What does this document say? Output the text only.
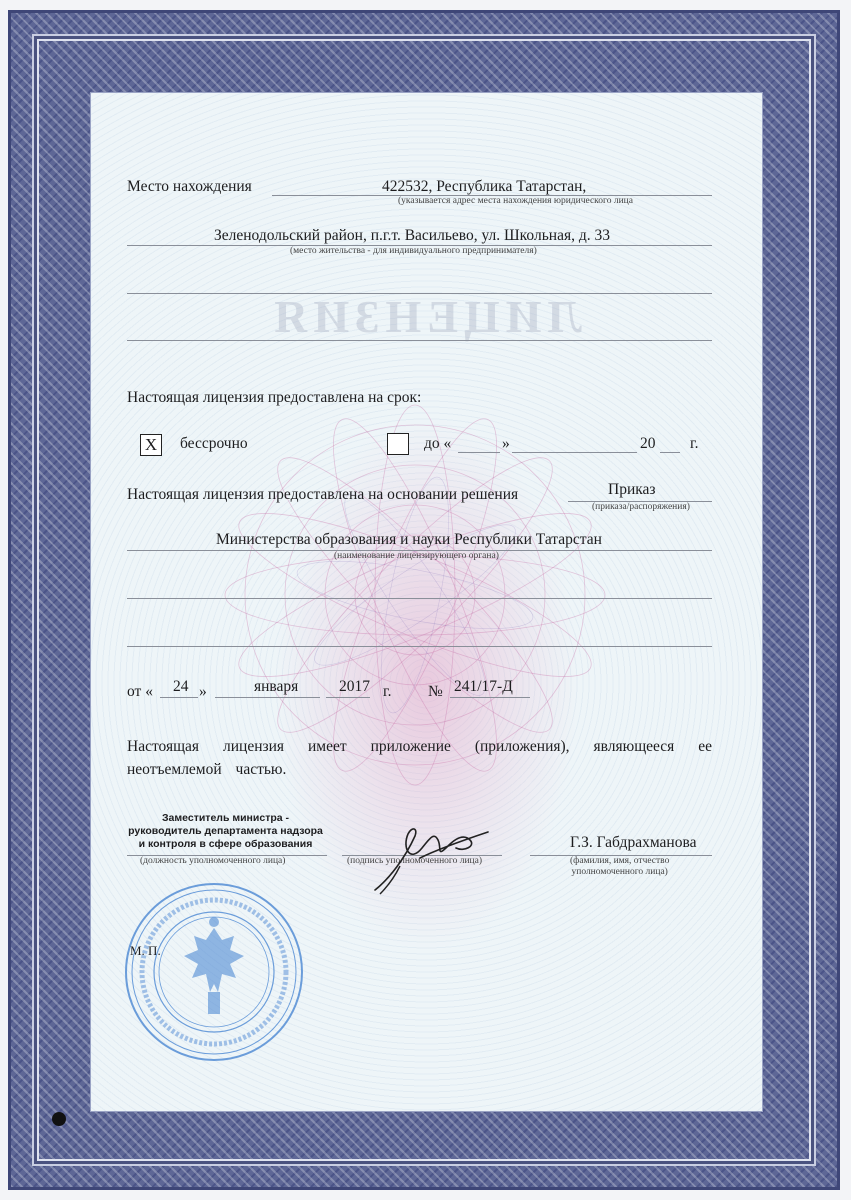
ЛИЦЕНЗИЯ
Место нахождения	422532, Республика Татарстан,
(указывается адрес места нахождения юридического лица
Зеленодольский район, п.г.т. Васильево, ул. Школьная, д. 33
(место жительства - для индивидуального предпринимателя)
Настоящая лицензия предоставлена на срок:
X	бессрочно	до «	»	20 г.
Настоящая лицензия предоставлена на основании решения	Приказ
(приказа/распоряжения)
Министерства образования и науки Республики Татарстан
(наименование лицензирующего органа)
от « 24 »	января	2017 г. № 241/17-Д
Настоящая лицензия имеет приложение (приложения), являющееся ее
неотъемлемой частью.
Заместитель министра -
руководитель департамента надзора
и контроля в сфере образования
(должность уполномоченного лица)	(подпись уполномоченного лица)
Г.З. Габдрахманова
(фамилия, имя, отчество
уполномоченного лица)
М. П.
